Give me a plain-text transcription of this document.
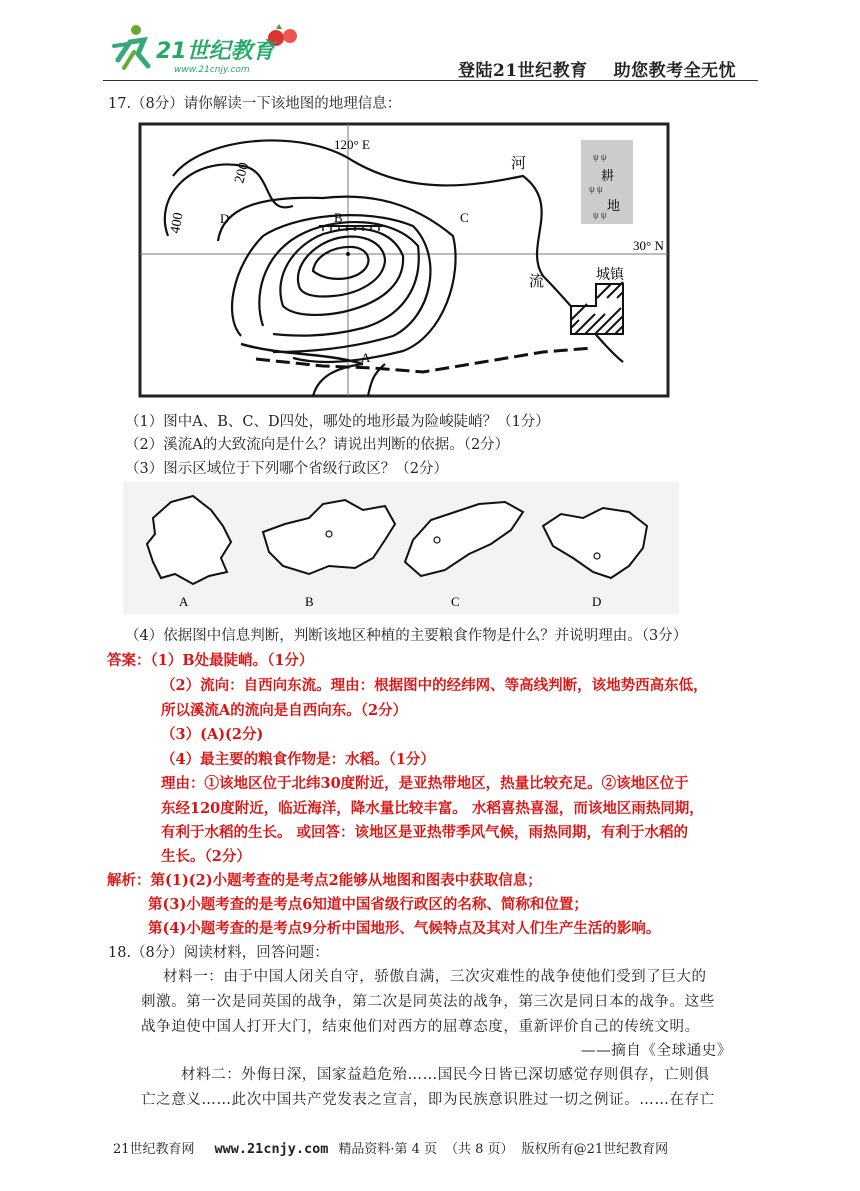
21世纪教育
www.21cnjy.com	登陆21世纪教育 助您教考全无忧
17.（8分）请你解读一下该地图的地理信息：
ψ ψ
ψ ψ
ψ ψ
120° E
30° N
200
400
A
B	C
D
河
流
耕
地
城镇
（1）图中A、B、C、D四处，哪处的地形最为险峻陡峭？（1分）
（2）溪流A的大致流向是什么？请说出判断的依据。（2分）
（3）图示区域位于下列哪个省级行政区？（2分）
A	B	C	D
（4）依据图中信息判断，判断该地区种植的主要粮食作物是什么？并说明理由。（3分）
答案：（1）B处最陡峭。（1分）
（2）流向：自西向东流。理由：根据图中的经纬网、等高线判断，该地势西高东低，
所以溪流A的流向是自西向东。（2分）
（3）(A)(2分)
（4）最主要的粮食作物是：水稻。（1分）
理由：①该地区位于北纬30度附近，是亚热带地区，热量比较充足。②该地区位于
东经120度附近，临近海洋，降水量比较丰富。 水稻喜热喜湿，而该地区雨热同期，
有利于水稻的生长。 或回答：该地区是亚热带季风气候，雨热同期，有利于水稻的
生长。（2分）
解析：第(1)(2)小题考查的是考点2能够从地图和图表中获取信息；
第(3)小题考查的是考点6知道中国省级行政区的名称、简称和位置；
第(4)小题考查的是考点9分析中国地形、气候特点及其对人们生产生活的影响。
18.（8分）阅读材料，回答问题：
材料一：由于中国人闭关自守，骄傲自满，三次灾难性的战争使他们受到了巨大的
刺激。第一次是同英国的战争，第二次是同英法的战争，第三次是同日本的战争。这些
战争迫使中国人打开大门，结束他们对西方的屈尊态度，重新评价自己的传统文明。
——摘自《全球通史》
材料二：外侮日深，国家益趋危殆……国民今日皆已深切感觉存则俱存，亡则俱
亡之意义……此次中国共产党发表之宣言，即为民族意识胜过一切之例证。……在存亡
21世纪教育网 www.21cnjy.com 精品资料·第 4 页 （共 8 页） 版权所有@21世纪教育网
